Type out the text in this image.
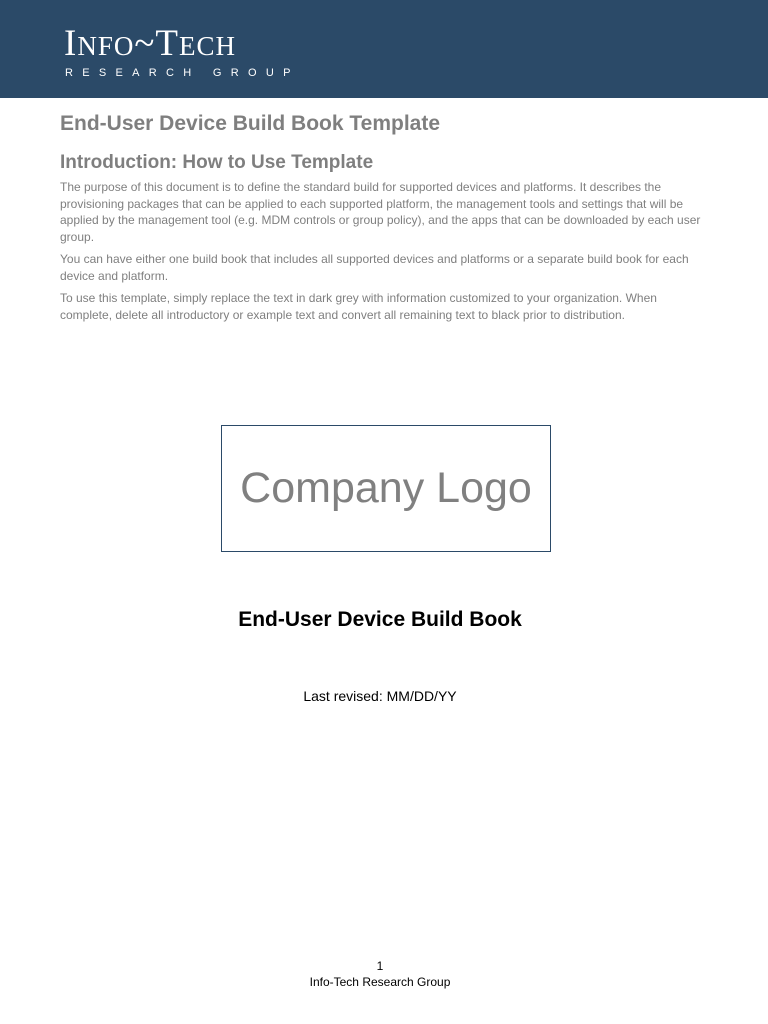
INFO~TECH
RESEARCH GROUP
End-User Device Build Book Template
Introduction: How to Use Template

The purpose of this document is to define the standard build for supported devices and platforms. It describes the provisioning packages that can be applied to each supported platform, the management tools and settings that will be applied by the management tool (e.g. MDM controls or group policy), and the apps that can be downloaded by each user group.

You can have either one build book that includes all supported devices and platforms or a separate build book for each device and platform.

To use this template, simply replace the text in dark grey with information customized to your organization. When complete, delete all introductory or example text and convert all remaining text to black prior to distribution.

Company Logo
End-User Device Build Book
Last revised: MM/DD/YY
1
Info-Tech Research Group
